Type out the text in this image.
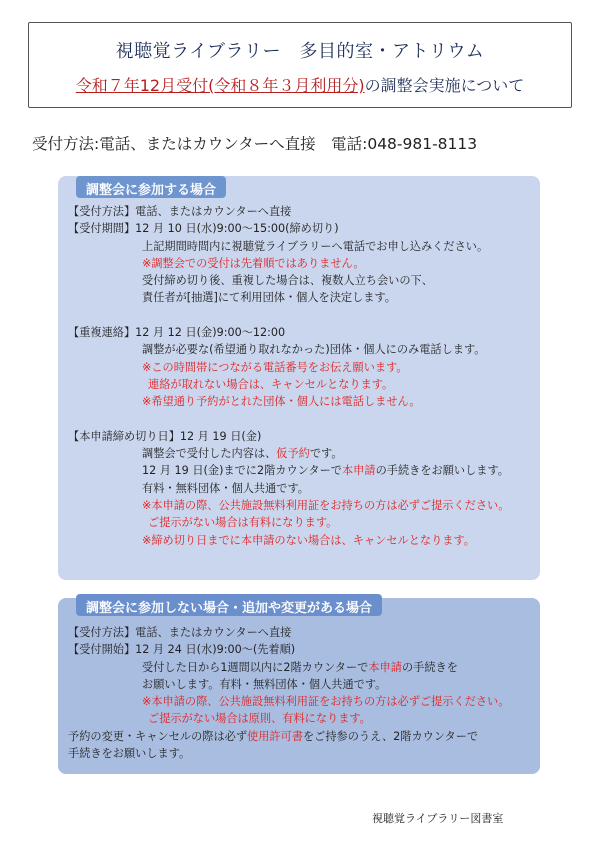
視聴覚ライブラリー　多目的室・アトリウム
令和７年12月受付(令和８年３月利用分)の調整会実施について
受付方法:電話、またはカウンターへ直接　電話:048-981-8113
調整会に参加する場合
【受付方法】電話、またはカウンターへ直接
【受付期間】12 月 10 日(水)9:00～15:00(締め切り)
上記期間時間内に視聴覚ライブラリーへ電話でお申し込みください。
※調整会での受付は先着順ではありません。
受付締め切り後、重複した場合は、複数人立ち会いの下、
責任者が[抽選]にて利用団体・個人を決定します。
【重複連絡】12 月 12 日(金)9:00～12:00
調整が必要な(希望通り取れなかった)団体・個人にのみ電話します。
※この時間帯につながる電話番号をお伝え願います。
連絡が取れない場合は、キャンセルとなります。
※希望通り予約がとれた団体・個人には電話しません。
【本申請締め切り日】12 月 19 日(金)
調整会で受付した内容は、仮予約です。
12 月 19 日(金)までに2階カウンターで本申請の手続きをお願いします。
有料・無料団体・個人共通です。
※本申請の際、公共施設無料利用証をお持ちの方は必ずご提示ください。
ご提示がない場合は有料になります。
※締め切り日までに本申請のない場合は、キャンセルとなります。
調整会に参加しない場合・追加や変更がある場合
【受付方法】電話、またはカウンターへ直接
【受付開始】12 月 24 日(水)9:00～(先着順)
受付した日から1週間以内に2階カウンターで本申請の手続きを
お願いします。有料・無料団体・個人共通です。
※本申請の際、公共施設無料利用証をお持ちの方は必ずご提示ください。
ご提示がない場合は原則、有料になります。
予約の変更・キャンセルの際は必ず使用許可書をご持参のうえ、2階カウンターで
手続きをお願いします。
視聴覚ライブラリー図書室
